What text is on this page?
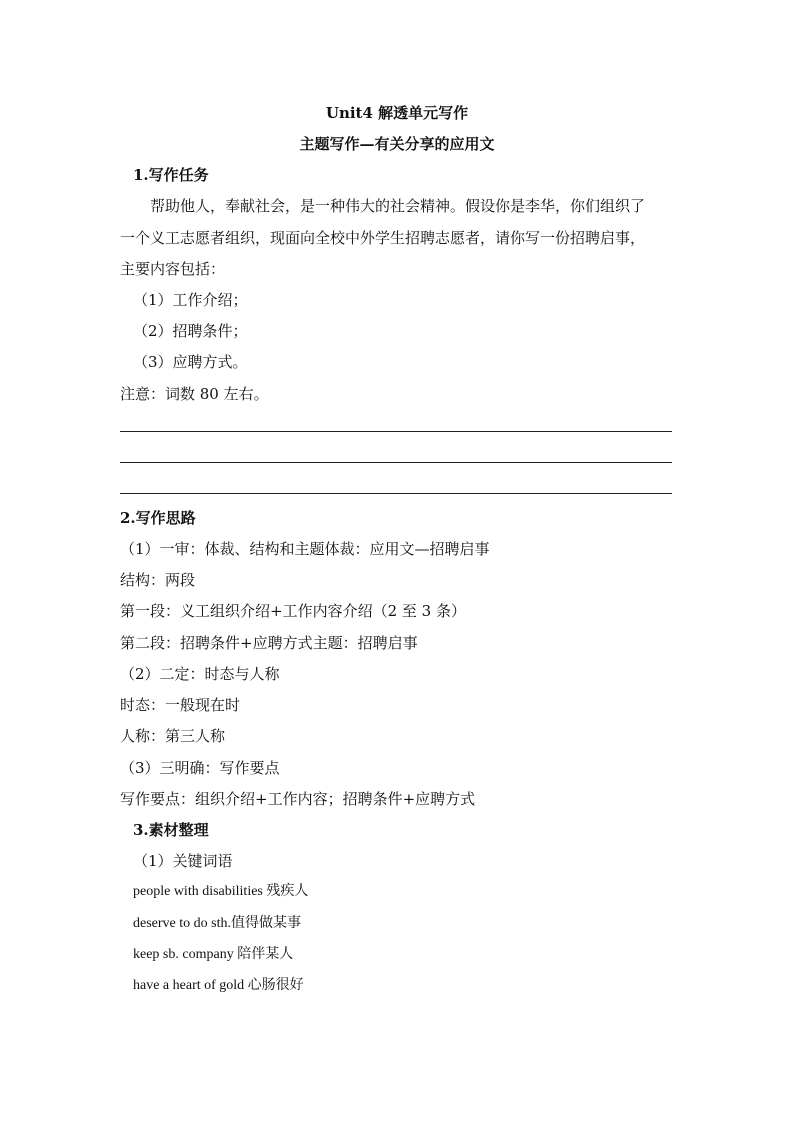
Unit4 解透单元写作
主题写作—有关分享的应用文
1.写作任务
帮助他人，奉献社会，是一种伟大的社会精神。假设你是李华，你们组织了
一个义工志愿者组织，现面向全校中外学生招聘志愿者，请你写一份招聘启事，
主要内容包括：
（1）工作介绍；
（2）招聘条件；
（3）应聘方式。
注意：词数 80 左右。
2.写作思路
（1）一审：体裁、结构和主题体裁：应用文—招聘启事
结构：两段
第一段：义工组织介绍+工作内容介绍（2 至 3 条）
第二段：招聘条件+应聘方式主题：招聘启事
（2）二定：时态与人称
时态：一般现在时
人称：第三人称
（3）三明确：写作要点
写作要点：组织介绍+工作内容；招聘条件+应聘方式
3.素材整理
（1）关键词语
people with disabilities 残疾人
deserve to do sth.值得做某事
keep sb. company 陪伴某人
have a heart of gold 心肠很好
